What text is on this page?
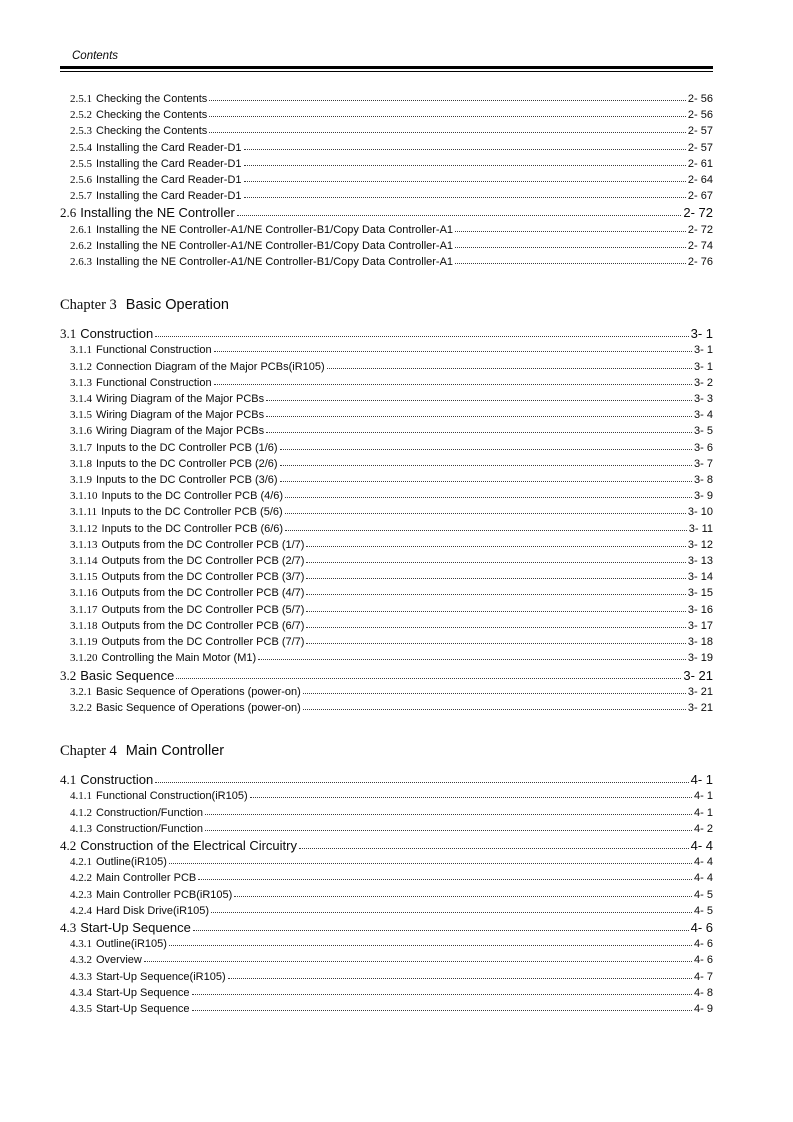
Contents
2.5.1 Checking the Contents	2- 56
2.5.2 Checking the Contents	2- 56
2.5.3 Checking the Contents	2- 57
2.5.4 Installing the Card Reader-D1	2- 57
2.5.5 Installing the Card Reader-D1	2- 61
2.5.6 Installing the Card Reader-D1	2- 64
2.5.7 Installing the Card Reader-D1	2- 67
2.6 Installing the NE Controller	2- 72
2.6.1 Installing the NE Controller-A1/NE Controller-B1/Copy Data Controller-A1	2- 72
2.6.2 Installing the NE Controller-A1/NE Controller-B1/Copy Data Controller-A1	2- 74
2.6.3 Installing the NE Controller-A1/NE Controller-B1/Copy Data Controller-A1	2- 76
Chapter 3 Basic Operation
3.1 Construction	3- 1
3.1.1 Functional Construction	3- 1
3.1.2 Connection Diagram of the Major PCBs(iR105)	3- 1
3.1.3 Functional Construction	3- 2
3.1.4 Wiring Diagram of the Major PCBs	3- 3
3.1.5 Wiring Diagram of the Major PCBs	3- 4
3.1.6 Wiring Diagram of the Major PCBs	3- 5
3.1.7 Inputs to the DC Controller PCB (1/6)	3- 6
3.1.8 Inputs to the DC Controller PCB (2/6)	3- 7
3.1.9 Inputs to the DC Controller PCB (3/6)	3- 8
3.1.10 Inputs to the DC Controller PCB (4/6)	3- 9
3.1.11 Inputs to the DC Controller PCB (5/6)	3- 10
3.1.12 Inputs to the DC Controller PCB (6/6)	3- 11
3.1.13 Outputs from the DC Controller PCB (1/7)	3- 12
3.1.14 Outputs from the DC Controller PCB (2/7)	3- 13
3.1.15 Outputs from the DC Controller PCB (3/7)	3- 14
3.1.16 Outputs from the DC Controller PCB (4/7)	3- 15
3.1.17 Outputs from the DC Controller PCB (5/7)	3- 16
3.1.18 Outputs from the DC Controller PCB (6/7)	3- 17
3.1.19 Outputs from the DC Controller PCB (7/7)	3- 18
3.1.20 Controlling the Main Motor (M1)	3- 19
3.2 Basic Sequence	3- 21
3.2.1 Basic Sequence of Operations (power-on)	3- 21
3.2.2 Basic Sequence of Operations (power-on)	3- 21
Chapter 4 Main Controller
4.1 Construction	4- 1
4.1.1 Functional Construction(iR105)	4- 1
4.1.2 Construction/Function	4- 1
4.1.3 Construction/Function	4- 2
4.2 Construction of the Electrical Circuitry	4- 4
4.2.1 Outline(iR105)	4- 4
4.2.2 Main Controller PCB	4- 4
4.2.3 Main Controller PCB(iR105)	4- 5
4.2.4 Hard Disk Drive(iR105)	4- 5
4.3 Start-Up Sequence	4- 6
4.3.1 Outline(iR105)	4- 6
4.3.2 Overview	4- 6
4.3.3 Start-Up Sequence(iR105)	4- 7
4.3.4 Start-Up Sequence	4- 8
4.3.5 Start-Up Sequence	4- 9
